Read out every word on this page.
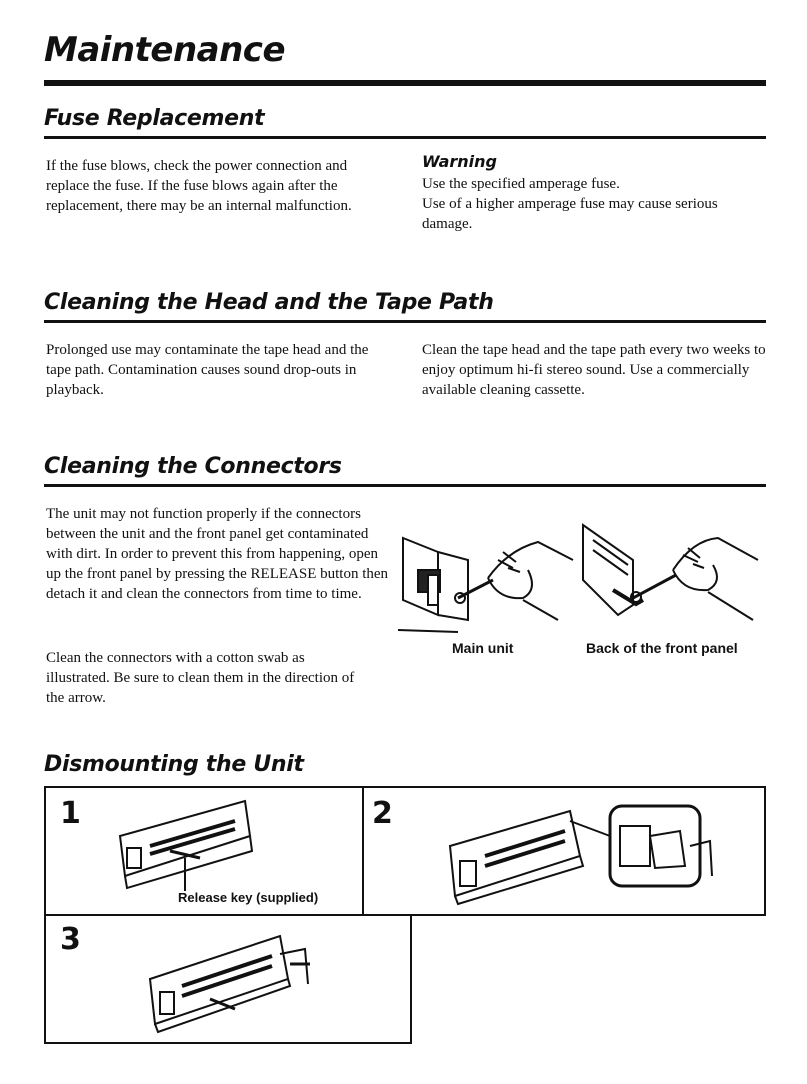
Maintenance
Fuse Replacement

If the fuse blows, check the power connection and replace the fuse. If the fuse blows again after the replacement, there may be an internal malfunction.

Warning
Use the specified amperage fuse.
Use of a higher amperage fuse may cause serious damage.
Cleaning the Head and the Tape Path

Prolonged use may contaminate the tape head and the tape path. Contamination causes sound drop-outs in playback.

Clean the tape head and the tape path every two weeks to enjoy optimum hi-fi stereo sound. Use a commercially available cleaning cassette.

Cleaning the Connectors

The unit may not function properly if the connectors between the unit and the front panel get contaminated with dirt. In order to prevent this from happening, open up the front panel by pressing the RELEASE button then detach it and clean the connectors from time to time.

Clean the connectors with a cotton swab as illustrated. Be sure to clean them in the direction of the arrow.

Main unit	Back of the front panel
Dismounting the Unit
1	2
3
Release key (supplied)
